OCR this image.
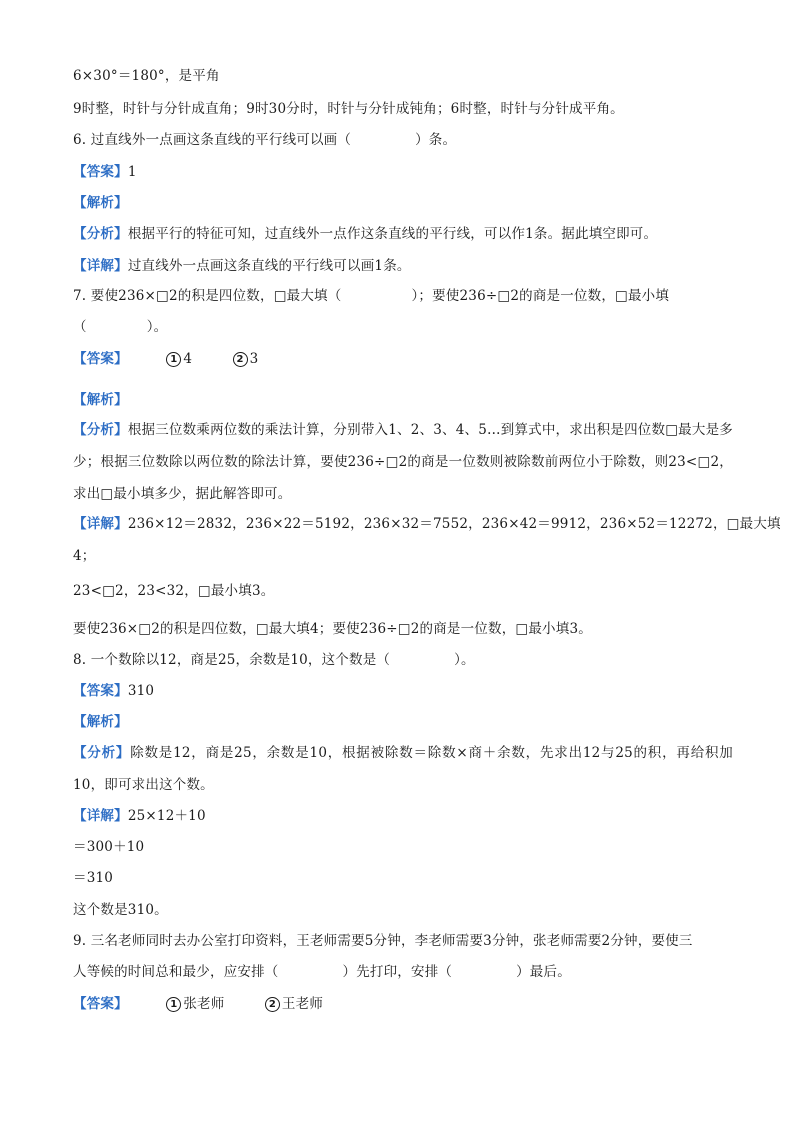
6×30°＝180°，是平角
9时整，时针与分针成直角；9时30分时，时针与分针成钝角；6时整，时针与分针成平角。
6. 过直线外一点画这条直线的平行线可以画（	）条。
【答案】1
【解析】
【分析】根据平行的特征可知，过直线外一点作这条直线的平行线，可以作1条。据此填空即可。
【详解】过直线外一点画这条直线的平行线可以画1条。
7. 要使236×□2的积是四位数，□最大填（	）；要使236÷□2的商是一位数，□最小填
（	）。
【答案】	1 4	2 3
【解析】
【分析】根据三位数乘两位数的乘法计算，分别带入1、2、3、4、5…到算式中，求出积是四位数□最大是多少；根据三位数除以两位数的除法计算，要使236÷□2的商是一位数则被除数前两位小于除数，则23<□2，求出□最小填多少，据此解答即可。
【详解】236×12＝2832，236×22＝5192，236×32＝7552，236×42＝9912，236×52＝12272，□最大填
4；
23<□2，23<32，□最小填3。
要使236×□2的积是四位数，□最大填4；要使236÷□2的商是一位数，□最小填3。
8. 一个数除以12，商是25，余数是10，这个数是（	）。
【答案】310
【解析】
【分析】除数是12，商是25，余数是10，根据被除数＝除数×商＋余数，先求出12与25的积，再给积加10，即可求出这个数。
【详解】25×12＋10
＝300＋10
＝310
这个数是310。
9. 三名老师同时去办公室打印资料，王老师需要5分钟，李老师需要3分钟，张老师需要2分钟，要使三
人等候的时间总和最少，应安排（	）先打印，安排（	）最后。
【答案】	1 张老师	2 王老师
